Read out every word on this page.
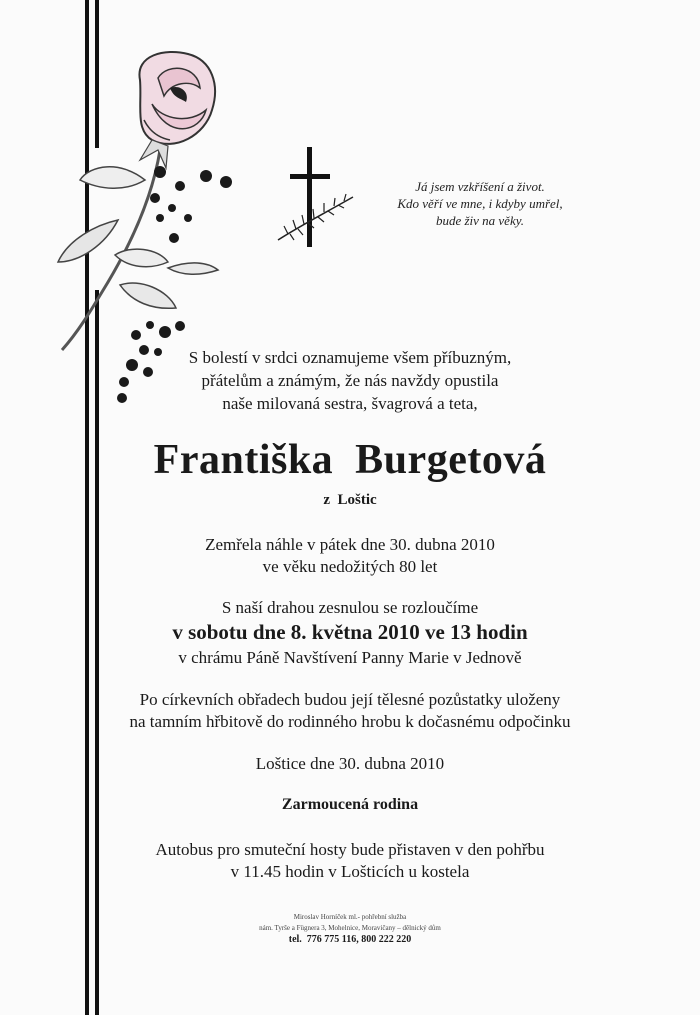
Já jsem vzkříšení a život.
Kdo věří ve mne, i kdyby umřel,
bude živ na věky.
S bolestí v srdci oznamujeme všem příbuzným,
přátelům a známým, že nás navždy opustila
naše milovaná sestra, švagrová a teta,
Františka  Burgetová
z  Loštic
Zemřela náhle v pátek dne 30. dubna 2010
ve věku nedožitých 80 let
S naší drahou zesnulou se rozloučíme
v sobotu dne 8. května 2010 ve 13 hodin
v chrámu Páně Navštívení Panny Marie v Jednově
Po církevních obřadech budou její tělesné pozůstatky uloženy
na tamním hřbitově do rodinného hrobu k dočasnému odpočinku
Loštice dne 30. dubna 2010
Zarmoucená rodina
Autobus pro smuteční hosty bude přistaven v den pohřbu
v 11.45 hodin v Lošticích u kostela
Miroslav Horníček ml.- pohřební služba
nám. Tyrše a Fügnera 3, Mohelnice, Moravičany – dělnický dům
tel.  776 775 116, 800 222 220
